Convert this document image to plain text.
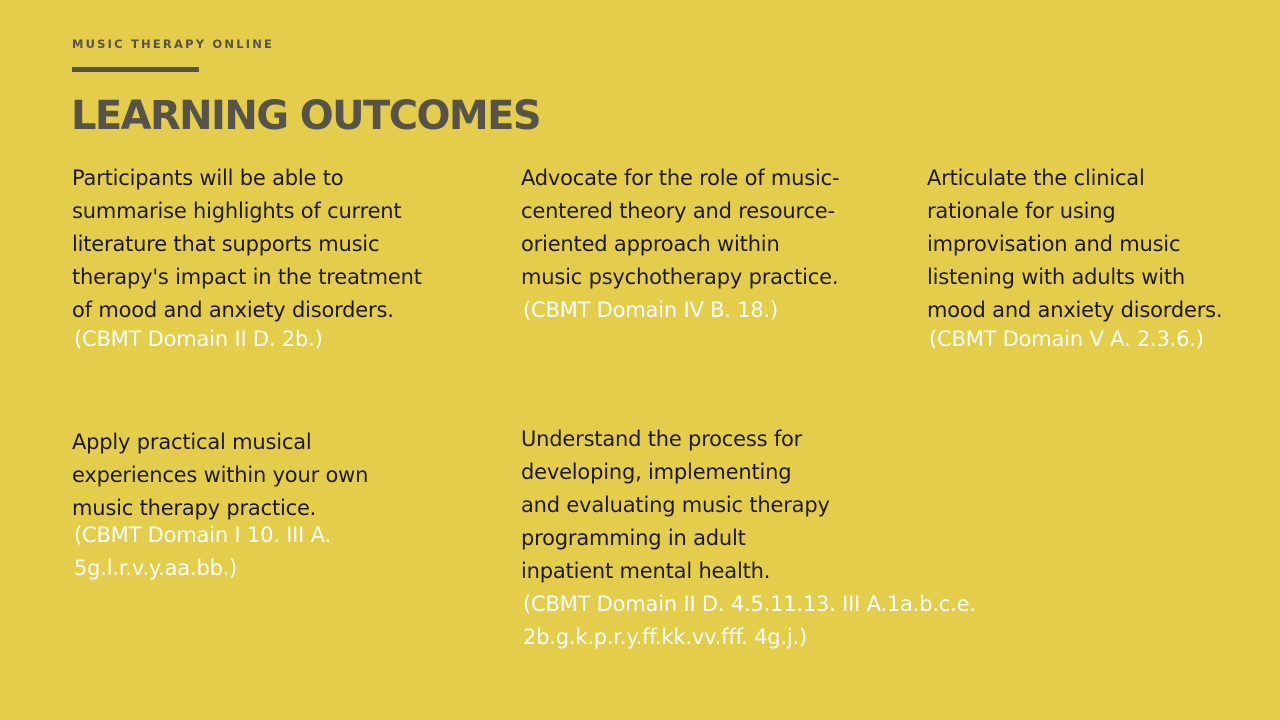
MUSIC THERAPY ONLINE
LEARNING OUTCOMES

Participants will be able to summarise highlights of current literature that supports music therapy's impact in the treatment of mood and anxiety disorders.

(CBMT Domain II D. 2b.)

Advocate for the role of music-centered theory and resource-oriented approach within music psychotherapy practice.

(CBMT Domain IV B. 18.)

Articulate the clinical rationale for using improvisation and music listening with adults with mood and anxiety disorders.

(CBMT Domain V A. 2.3.6.)

Apply practical musical experiences within your own music therapy practice.

(CBMT Domain I 10. III A. 5g.l.r.v.y.aa.bb.)

Understand the process for developing, implementing and evaluating music therapy programming in adult inpatient mental health.

(CBMT Domain II D. 4.5.11.13. III A.1a.b.c.e. 2b.g.k.p.r.y.ff.kk.vv.fff. 4g.j.)
